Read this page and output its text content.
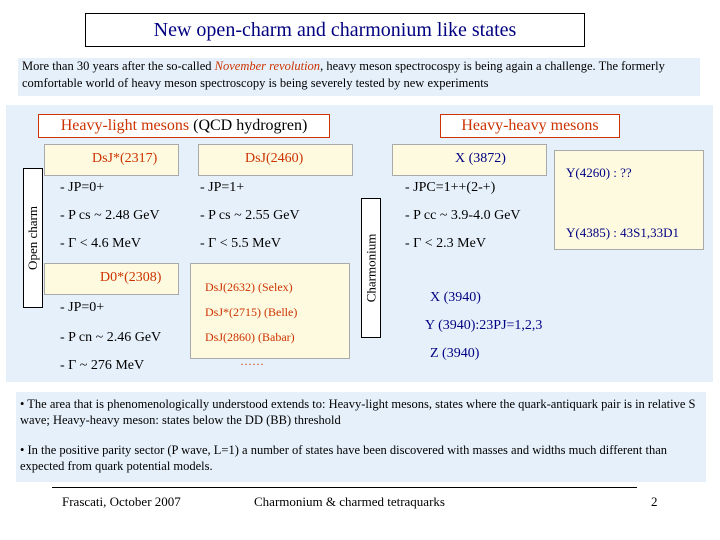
New open-charm and charmonium like states
More than 30 years after the so-called November revolution, heavy meson spectrocospy is being again a challenge. The formerly comfortable world of heavy meson spectroscopy is being severely tested by new experiments
Heavy-light mesons
(QCD hydrogren)	Heavy-heavy mesons
Open charm	Charmonium
DsJ*(2317)
- JP=0+
- P cs ~ 2.48 GeV
- Γ < 4.6 MeV
DsJ(2460)
- JP=1+
- P cs ~ 2.55 GeV
- Γ < 5.5 MeV
X (3872)
- JPC=1++(2-+)
- P cc ~ 3.9-4.0 GeV
- Γ < 2.3 MeV
D0*(2308)
- JP=0+
- P cn ~ 2.46 GeV
- Γ ~ 276 MeV
DsJ(2632) (Selex)
DsJ*(2715) (Belle)
DsJ(2860) (Babar)
……
Y(4260) : ??
Y(4385) : 43S1,33D1
X (3940)
Y (3940):23PJ=1,2,3
Z (3940)
• The area that is phenomenologically understood extends to: Heavy-light mesons, states where the quark-antiquark pair is in relative S wave; Heavy-heavy meson: states below the DD (BB) threshold
• In the positive parity sector (P wave, L=1) a number of states have been discovered with masses and widths much different than expected from quark potential models.
Frascati, October 2007	Charmonium & charmed tetraquarks	2
